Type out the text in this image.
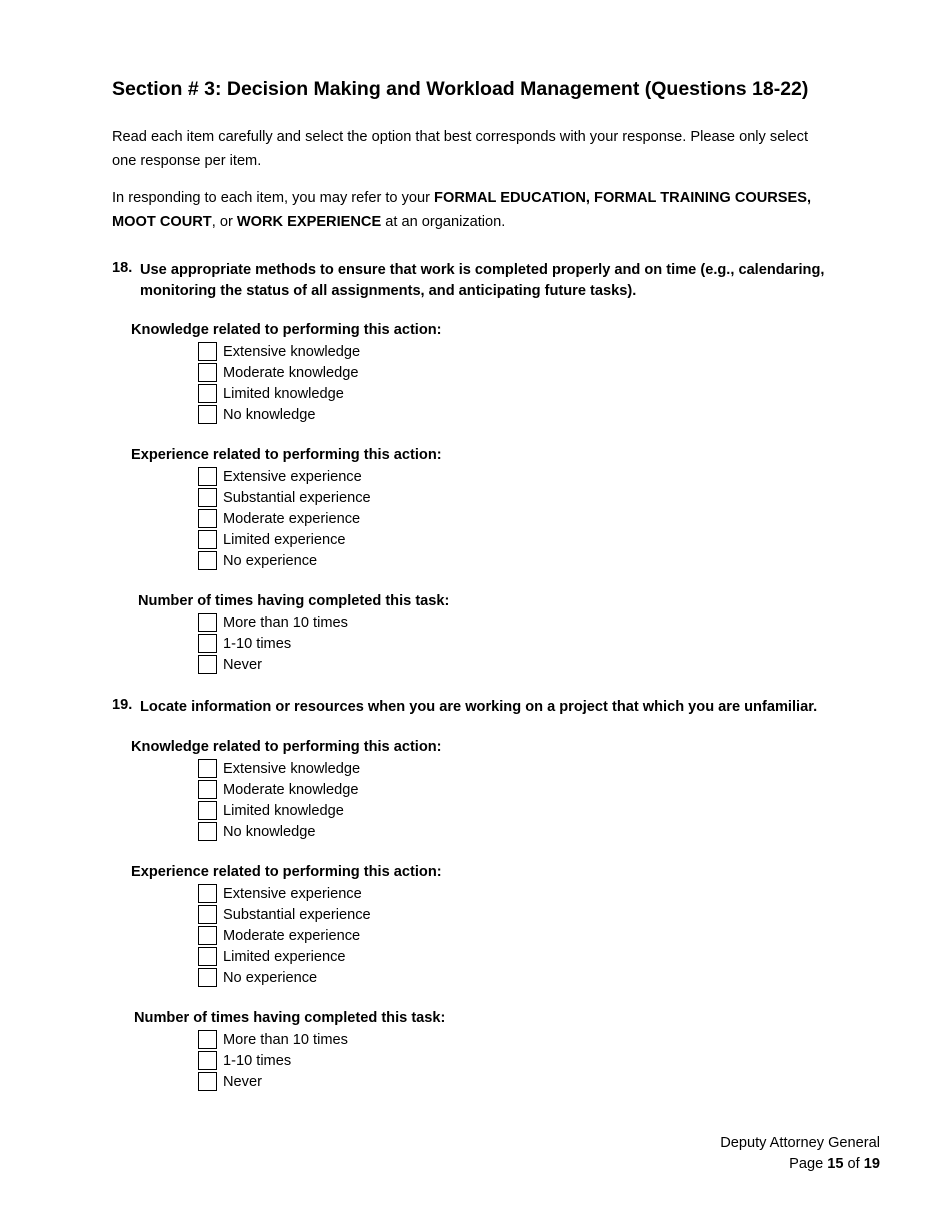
Section # 3: Decision Making and Workload Management (Questions 18-22)
Read each item carefully and select the option that best corresponds with your response. Please only select
one response per item.
In responding to each item, you may refer to your FORMAL EDUCATION, FORMAL TRAINING COURSES,
MOOT COURT, or WORK EXPERIENCE at an organization.
18. Use appropriate methods to ensure that work is completed properly and on time (e.g., calendaring,
monitoring the status of all assignments, and anticipating future tasks).
Knowledge related to performing this action:
Extensive knowledge
Moderate knowledge
Limited knowledge
No knowledge
Experience related to performing this action:
Extensive experience
Substantial experience
Moderate experience
Limited experience
No experience
Number of times having completed this task:
More than 10 times
1-10 times
Never
19. Locate information or resources when you are working on a project that which you are unfamiliar.
Knowledge related to performing this action:
Extensive knowledge
Moderate knowledge
Limited knowledge
No knowledge
Experience related to performing this action:
Extensive experience
Substantial experience
Moderate experience
Limited experience
No experience
Number of times having completed this task:
More than 10 times
1-10 times
Never
Deputy Attorney General
Page 15 of 19
